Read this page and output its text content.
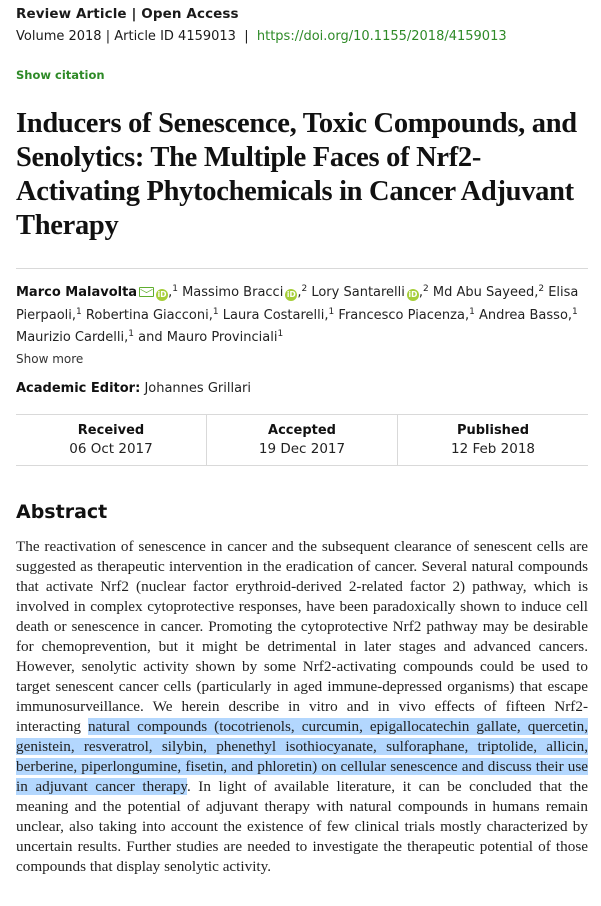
Review Article | Open Access
Volume 2018 | Article ID 4159013 | https://doi.org/10.1155/2018/4159013
Show citation
Inducers of Senescence, Toxic Compounds, and Senolytics: The Multiple Faces of Nrf2-Activating Phytochemicals in Cancer Adjuvant Therapy
Marco Malavolta	iD ,$^1$ Massimo Bracci iD ,$^2$ Lory Santarelli iD ,$^2$ Md Abu Sayeed,$^2$ Elisa Pierpaoli,$^1$ Robertina Giacconi,$^1$ Laura Costarelli,$^1$ Francesco Piacenza,$^1$ Andrea Basso,$^1$ Maurizio Cardelli,$^1$ and Mauro Provinciali$^1$
Show more
Academic Editor: Johannes Grillari
Received
06 Oct 2017
Accepted
19 Dec 2017
Published
12 Feb 2018
Abstract

The reactivation of senescence in cancer and the subsequent clearance of senescent cells are suggested as therapeutic intervention in the eradication of cancer. Several natural compounds that activate Nrf2 (nuclear factor erythroid-derived 2-related factor 2) pathway, which is involved in complex cytoprotective responses, have been paradoxically shown to induce cell death or senescence in cancer. Promoting the cytoprotective Nrf2 pathway may be desirable for chemoprevention, but it might be detrimental in later stages and advanced cancers. However, senolytic activity shown by some Nrf2-activating compounds could be used to target senescent cancer cells (particularly in aged immune-depressed organisms) that escape immunosurveillance. We herein describe in vitro and in vivo effects of fifteen Nrf2-interacting natural compounds (tocotrienols, curcumin, epigallocatechin gallate, quercetin, genistein, resveratrol, silybin, phenethyl isothiocyanate, sulforaphane, triptolide, allicin, berberine, piperlongumine, fisetin, and phloretin) on cellular senescence and discuss their use in adjuvant cancer therapy. In light of available literature, it can be concluded that the meaning and the potential of adjuvant therapy with natural compounds in humans remain unclear, also taking into account the existence of few clinical trials mostly characterized by uncertain results. Further studies are needed to investigate the therapeutic potential of those compounds that display senolytic activity.
